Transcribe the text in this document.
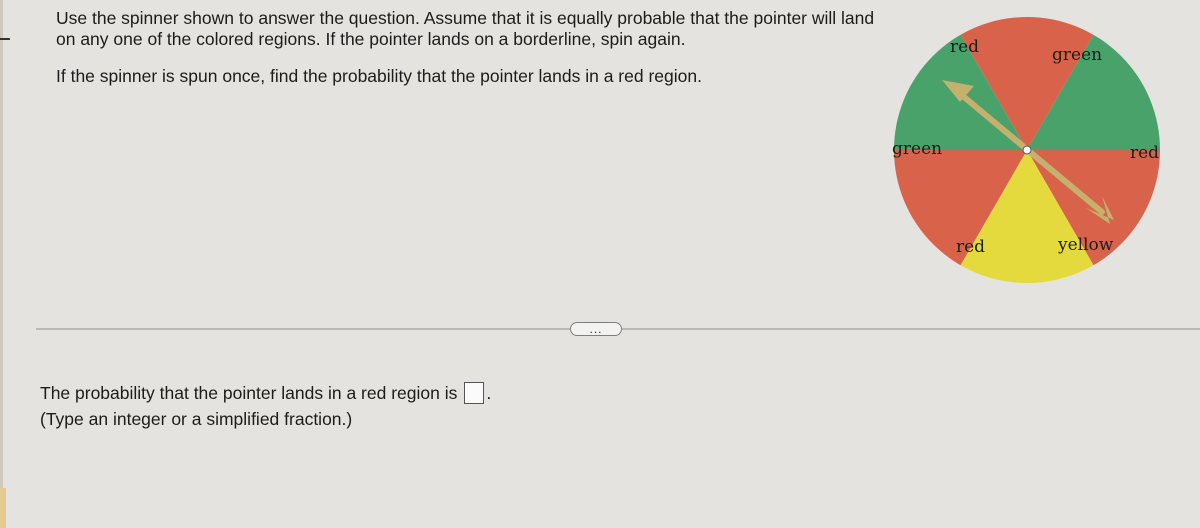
Use the spinner shown to answer the question. Assume that it is equally probable that the pointer will land on any one of the colored regions. If the pointer lands on a borderline, spin again.

If the spinner is spun once, find the probability that the pointer lands in a red region.

red	green
red
yellow
red
green
...
The probability that the pointer lands in a red region is .
(Type an integer or a simplified fraction.)
